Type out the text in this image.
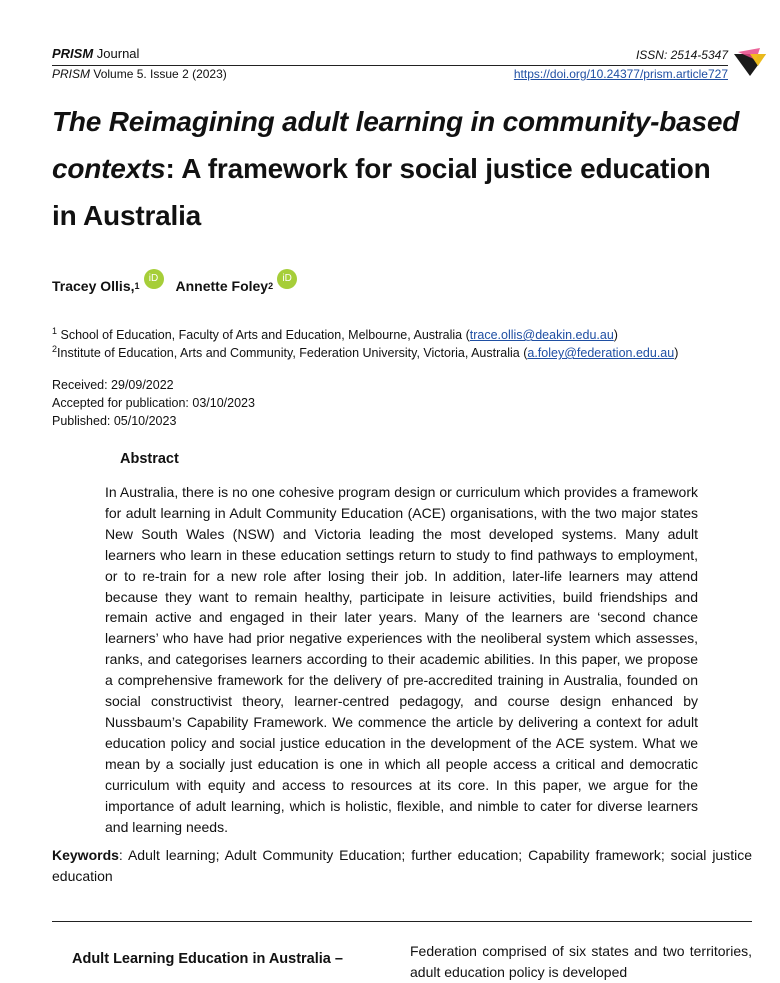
PRISM Journal	ISSN: 2514-5347
PRISM Volume 5. Issue 2 (2023)	https://doi.org/10.24377/prism.article727
The Reimagining adult learning in community-based contexts: A framework for social justice education in Australia
Tracey Ollis, 1
iD	Annette Foley 2
iD
$^1$ School of Education, Faculty of Arts and Education, Melbourne, Australia (trace.ollis@deakin.edu.au)
$^2$Institute of Education, Arts and Community, Federation University, Victoria, Australia (a.foley@federation.edu.au)
Received: 29/09/2022
Accepted for publication: 03/10/2023
Published: 05/10/2023
Abstract
In Australia, there is no one cohesive program design or curriculum which provides a framework for adult learning in Adult Community Education (ACE) organisations, with the two major states New South Wales (NSW) and Victoria leading the most developed systems. Many adult learners who learn in these education settings return to study to find pathways to employment, or to re-train for a new role after losing their job. In addition, later-life learners may attend because they want to remain healthy, participate in leisure activities, build friendships and remain active and engaged in their later years. Many of the learners are ‘second chance learners’ who have had prior negative experiences with the neoliberal system which assesses, ranks, and categorises learners according to their academic abilities. In this paper, we propose a comprehensive framework for the delivery of pre-accredited training in Australia, founded on social constructivist theory, learner-centred pedagogy, and course design enhanced by Nussbaum’s Capability Framework. We commence the article by delivering a context for adult education policy and social justice education in the development of the ACE system. What we mean by a socially just education is one in which all people access a critical and democratic curriculum with equity and access to resources at its core. In this paper, we argue for the importance of adult learning, which is holistic, flexible, and nimble to cater for diverse learners and learning needs.
Keywords: Adult learning; Adult Community Education; further education; Capability framework; social justice education
Adult Learning Education in Australia –	Federation comprised of six states and two territories, adult education policy is developed
